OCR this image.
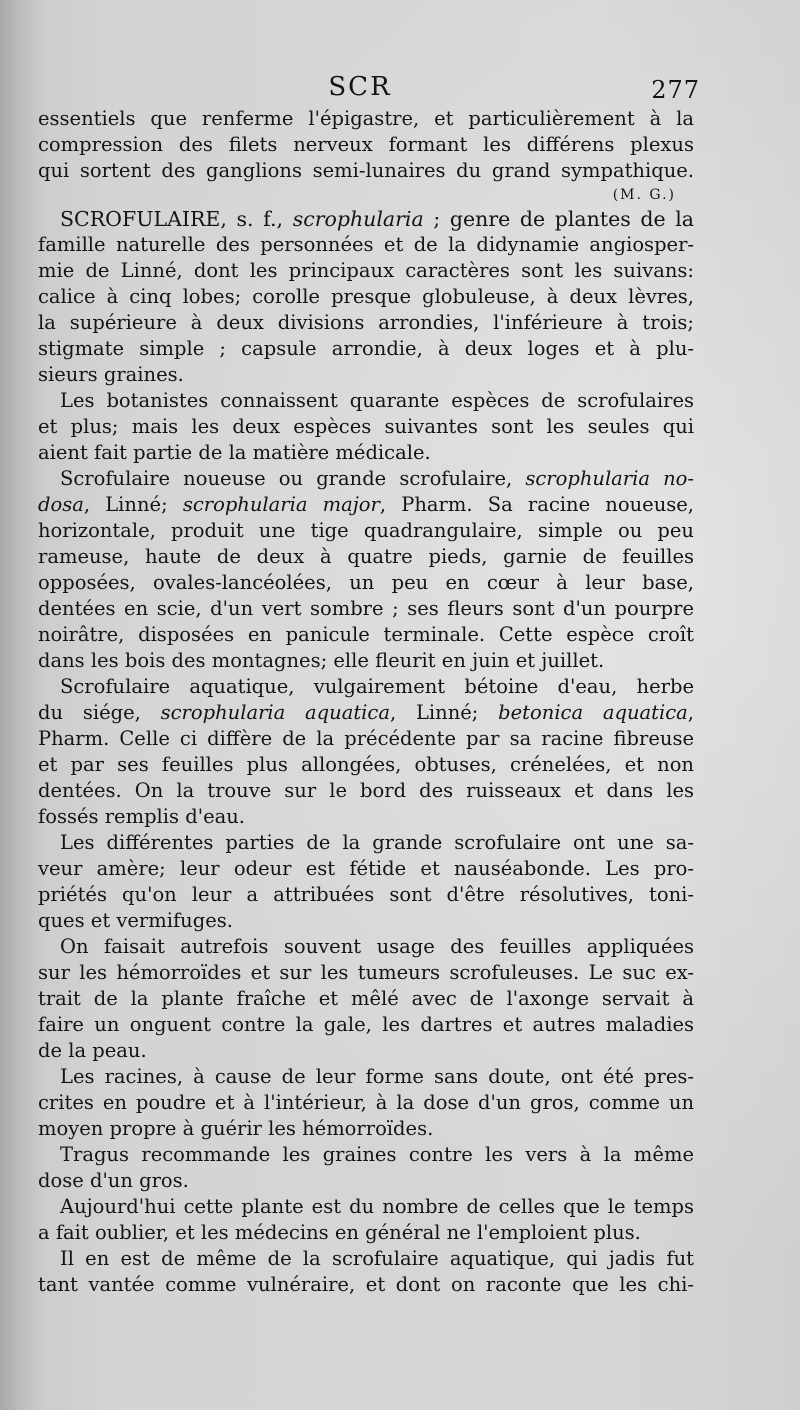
SCR	277
essentiels que renferme l'épigastre, et particulièrement à la
compression des filets nerveux formant les différens plexus
qui sortent des ganglions semi-lunaires du grand sympathique.
(M. G.)
SCROFULAIRE, s. f., scrophularia ; genre de plantes de la
famille naturelle des personnées et de la didynamie angiosper-
mie de Linné, dont les principaux caractères sont les suivans:
calice à cinq lobes; corolle presque globuleuse, à deux lèvres,
la supérieure à deux divisions arrondies, l'inférieure à trois;
stigmate simple ; capsule arrondie, à deux loges et à plu-
sieurs graines.
Les botanistes connaissent quarante espèces de scrofulaires
et plus; mais les deux espèces suivantes sont les seules qui
aient fait partie de la matière médicale.
Scrofulaire noueuse ou grande scrofulaire, scrophularia no-
dosa, Linné; scrophularia major, Pharm. Sa racine noueuse,
horizontale, produit une tige quadrangulaire, simple ou peu
rameuse, haute de deux à quatre pieds, garnie de feuilles
opposées, ovales-lancéolées, un peu en cœur à leur base,
dentées en scie, d'un vert sombre ; ses fleurs sont d'un pourpre
noirâtre, disposées en panicule terminale. Cette espèce croît
dans les bois des montagnes; elle fleurit en juin et juillet.
Scrofulaire aquatique, vulgairement bétoine d'eau, herbe
du siége, scrophularia aquatica, Linné; betonica aquatica,
Pharm. Celle ci diffère de la précédente par sa racine fibreuse
et par ses feuilles plus allongées, obtuses, crénelées, et non
dentées. On la trouve sur le bord des ruisseaux et dans les
fossés remplis d'eau.
Les différentes parties de la grande scrofulaire ont une sa-
veur amère; leur odeur est fétide et nauséabonde. Les pro-
priétés qu'on leur a attribuées sont d'être résolutives, toni-
ques et vermifuges.
On faisait autrefois souvent usage des feuilles appliquées
sur les hémorroïdes et sur les tumeurs scrofuleuses. Le suc ex-
trait de la plante fraîche et mêlé avec de l'axonge servait à
faire un onguent contre la gale, les dartres et autres maladies
de la peau.
Les racines, à cause de leur forme sans doute, ont été pres-
crites en poudre et à l'intérieur, à la dose d'un gros, comme un
moyen propre à guérir les hémorroïdes.
Tragus recommande les graines contre les vers à la même
dose d'un gros.
Aujourd'hui cette plante est du nombre de celles que le temps
a fait oublier, et les médecins en général ne l'emploient plus.
Il en est de même de la scrofulaire aquatique, qui jadis fut
tant vantée comme vulnéraire, et dont on raconte que les chi-
